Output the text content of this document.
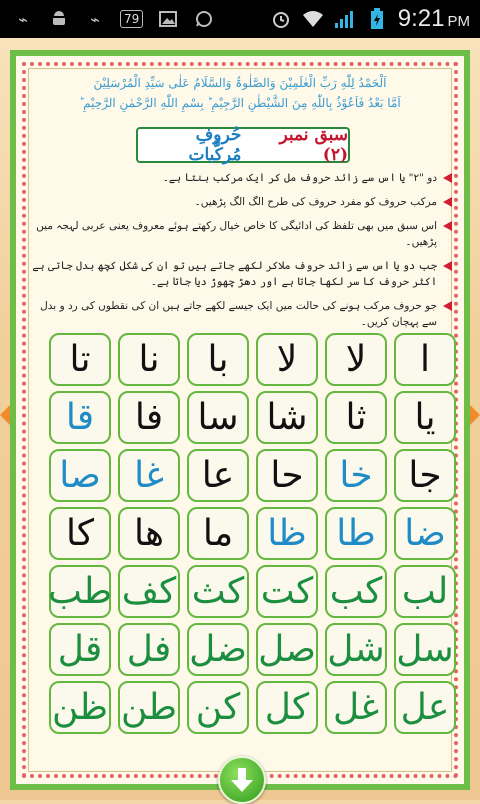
⌁	⌁	79	9:21 PM
اَلْحَمْدُ لِلّٰهِ رَبِّ الْعٰلَمِیْنَ وَالصَّلٰوۃُ وَالسَّلَامُ عَلٰی سَیِّدِ الْمُرْسَلِیْنَ
اَمَّا بَعْدُ فَاَعُوْذُ بِاللّٰهِ مِنَ الشَّیْطٰنِ الرَّجِیْمِ ؕ بِسْمِ اللّٰهِ الرَّحْمٰنِ الرَّحِیْمِ ؕ
سبق نمبر (۲)
حُروفِ مُرکَّبات
دو "۲" یا اس سے زائد حروف مل کر ایک مرکب بنتا ہے۔
مرکب حروف کو مفرد حروف کی طرح الگ الگ پڑھیں۔
اس سبق میں بھی تلفظ کی ادائیگی کا خاص خیال رکھتے ہوئے معروف یعنی عربی لہجہ میں پڑھیں۔
جب دو یا اس سے زائد حروف ملاکر لکھے جاتے ہیں تو ان کی شکل کچھ بدل جاتی ہے اکثر حروف کا سر لکھا جاتا ہے اور دھڑ چھوڑ دیا جاتا ہے۔
جو حروف مرکب ہونے کی حالت میں ایک جیسے لکھے جاتے ہیں ان کی نقطوں کی رد و بدل سے پہچان کریں۔
ا
لا
لا
با
نا
تا
یا
ثا
شا
سا
فا
قا
جا
خا
حا
عا
غا
صا
ضا
طا
ظا
ما
ھا
کا
لب
کب
کت
کث
کف
طب
سل
شل
صل
ضل
فل
قل
عل
غل
کل
کن
طن
ظن
